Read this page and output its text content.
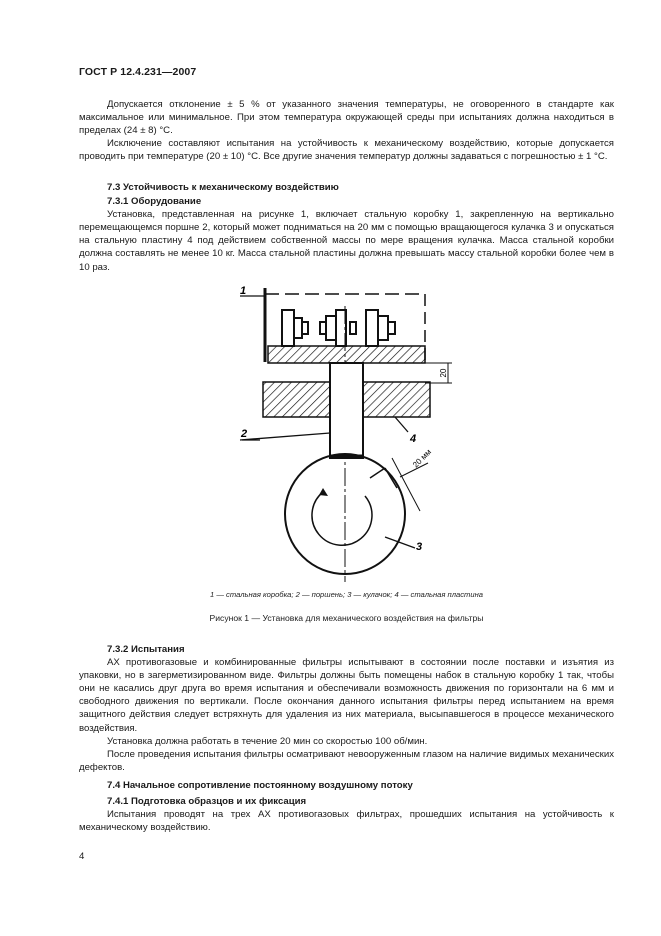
ГОСТ Р 12.4.231—2007

Допускается отклонение ± 5 % от указанного значения температуры, не оговоренного в стандарте как максимальное или минимальное. При этом температура окружающей среды при испытаниях должна находиться в пределах (24 ± 8) °С.

Исключение составляют испытания на устойчивость к механическому воздействию, которые допускается проводить при температуре (20 ± 10) °С. Все другие значения температур должны задаваться с погрешностью ± 1 °С.

7.3 Устойчивость к механическому воздействию

7.3.1 Оборудование

Установка, представленная на рисунке 1, включает стальную коробку 1, закрепленную на вертикально перемещающемся поршне 2, который может подниматься на 20 мм с помощью вращающегося кулачка 3 и опускаться на стальную пластину 4 под действием собственной массы по мере вращения кулачка. Масса стальной коробки должна составлять не менее 10 кг. Масса стальной пластины должна превышать массу стальной коробки более чем в 10 раз.

20
20 мм
1
2
3
4
1 — стальная коробка; 2 — поршень; 3 — кулачок; 4 — стальная пластина
Рисунок 1 — Установка для механического воздействия на фильтры

7.3.2 Испытания

АХ противогазовые и комбинированные фильтры испытывают в состоянии после поставки и изъятия из упаковки, но в загерметизированном виде. Фильтры должны быть помещены набок в стальную коробку 1 так, чтобы они не касались друг друга во время испытания и обеспечивали возможность движения по горизонтали на 6 мм и свободного движения по вертикали. После окончания данного испытания фильтры перед испытанием на время защитного действия следует встряхнуть для удаления из них материала, высыпавшегося в процессе механического воздействия.

Установка должна работать в течение 20 мин со скоростью 100 об/мин.

После проведения испытания фильтры осматривают невооруженным глазом на наличие видимых механических дефектов.

7.4 Начальное сопротивление постоянному воздушному потоку

7.4.1 Подготовка образцов и их фиксация

Испытания проводят на трех АХ противогазовых фильтрах, прошедших испытания на устойчивость к механическому воздействию.

4
